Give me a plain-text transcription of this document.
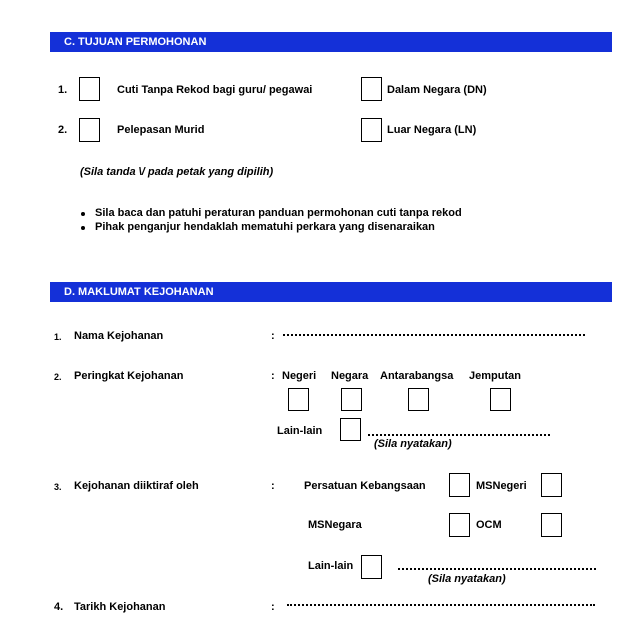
C. TUJUAN PERMOHONAN
1.	Cuti Tanpa Rekod bagi guru/ pegawai	Dalam Negara (DN)
2.	Pelepasan Murid	Luar Negara (LN)
(Sila tanda \/ pada petak yang dipilih)
Sila baca dan patuhi peraturan panduan permohonan cuti tanpa rekod
Pihak penganjur hendaklah mematuhi perkara yang disenaraikan
D. MAKLUMAT KEJOHANAN
1. Nama Kejohanan	:
2. Peringkat Kejohanan	: Negeri Negara Antarabangsa Jemputan
Lain-lain
(Sila nyatakan)
3. Kejohanan diiktiraf oleh	:	Persatuan Kebangsaan	MSNegeri
MSNegara	OCM
Lain-lain
(Sila nyatakan)
4. Tarikh Kejohanan	:
